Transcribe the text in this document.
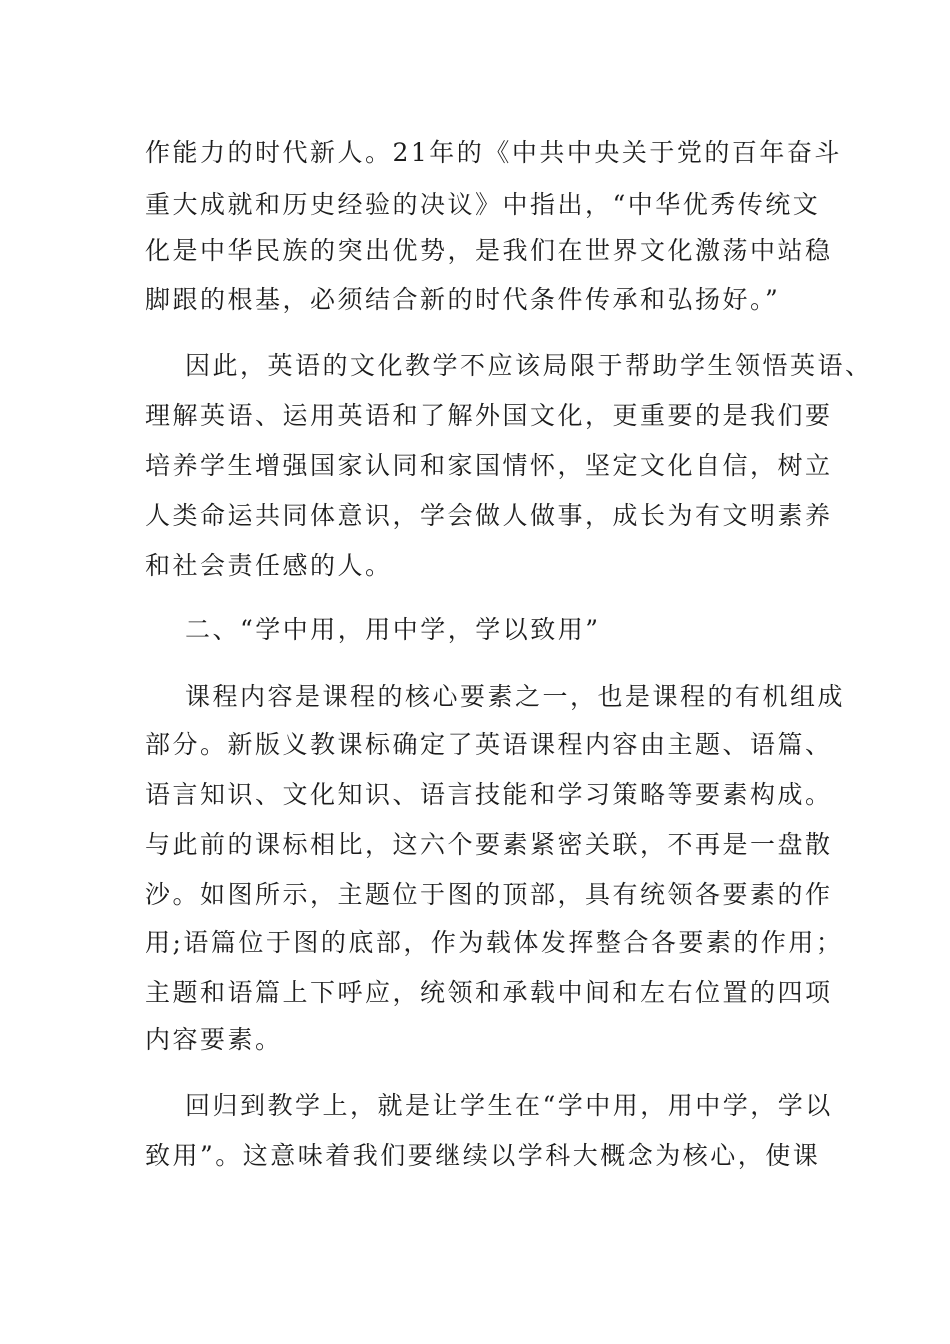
作能力的时代新人。21年的《中共中央关于党的百年奋斗
重大成就和历史经验的决议》中指出，“中华优秀传统文
化是中华民族的突出优势，是我们在世界文化激荡中站稳
脚跟的根基，必须结合新的时代条件传承和弘扬好。”
因此，英语的文化教学不应该局限于帮助学生领悟英语、
理解英语、运用英语和了解外国文化，更重要的是我们要
培养学生增强国家认同和家国情怀，坚定文化自信，树立
人类命运共同体意识，学会做人做事，成长为有文明素养
和社会责任感的人。
二、“学中用，用中学，学以致用”
课程内容是课程的核心要素之一，也是课程的有机组成
部分。新版义教课标确定了英语课程内容由主题、语篇、
语言知识、文化知识、语言技能和学习策略等要素构成。
与此前的课标相比，这六个要素紧密关联，不再是一盘散
沙。如图所示，主题位于图的顶部，具有统领各要素的作
用;语篇位于图的底部，作为载体发挥整合各要素的作用；
主题和语篇上下呼应，统领和承载中间和左右位置的四项
内容要素。
回归到教学上，就是让学生在“学中用，用中学，学以
致用”。这意味着我们要继续以学科大概念为核心，使课
